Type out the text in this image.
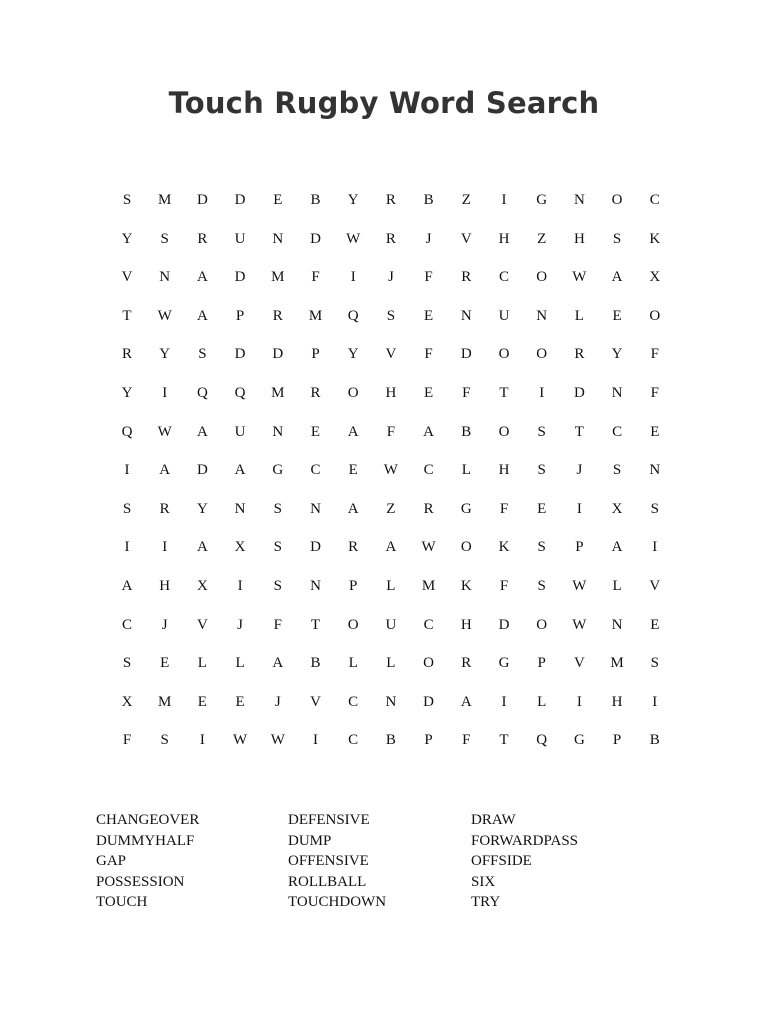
Touch Rugby Word Search
S	M	D	D	E	B	Y	R	B	Z	I	G	N	O	C
Y	S	R	U	N	D	W	R	J	V	H	Z	H	S	K
V	N	A	D	M	F	I	J	F	R	C	O	W	A	X
T	W	A	P	R	M	Q	S	E	N	U	N	L	E	O
R	Y	S	D	D	P	Y	V	F	D	O	O	R	Y	F
Y	I	Q	Q	M	R	O	H	E	F	T	I	D	N	F
Q	W	A	U	N	E	A	F	A	B	O	S	T	C	E
I	A	D	A	G	C	E	W	C	L	H	S	J	S	N
S	R	Y	N	S	N	A	Z	R	G	F	E	I	X	S
I	I	A	X	S	D	R	A	W	O	K	S	P	A	I
A	H	X	I	S	N	P	L	M	K	F	S	W	L	V
C	J	V	J	F	T	O	U	C	H	D	O	W	N	E
S	E	L	L	A	B	L	L	O	R	G	P	V	M	S
X	M	E	E	J	V	C	N	D	A	I	L	I	H	I
F	S	I	W	W	I	C	B	P	F	T	Q	G	P	B
CHANGEOVER
DUMMYHALF
GAP
POSSESSION
TOUCH
DEFENSIVE
DUMP
OFFENSIVE
ROLLBALL
TOUCHDOWN
DRAW
FORWARDPASS
OFFSIDE
SIX
TRY
